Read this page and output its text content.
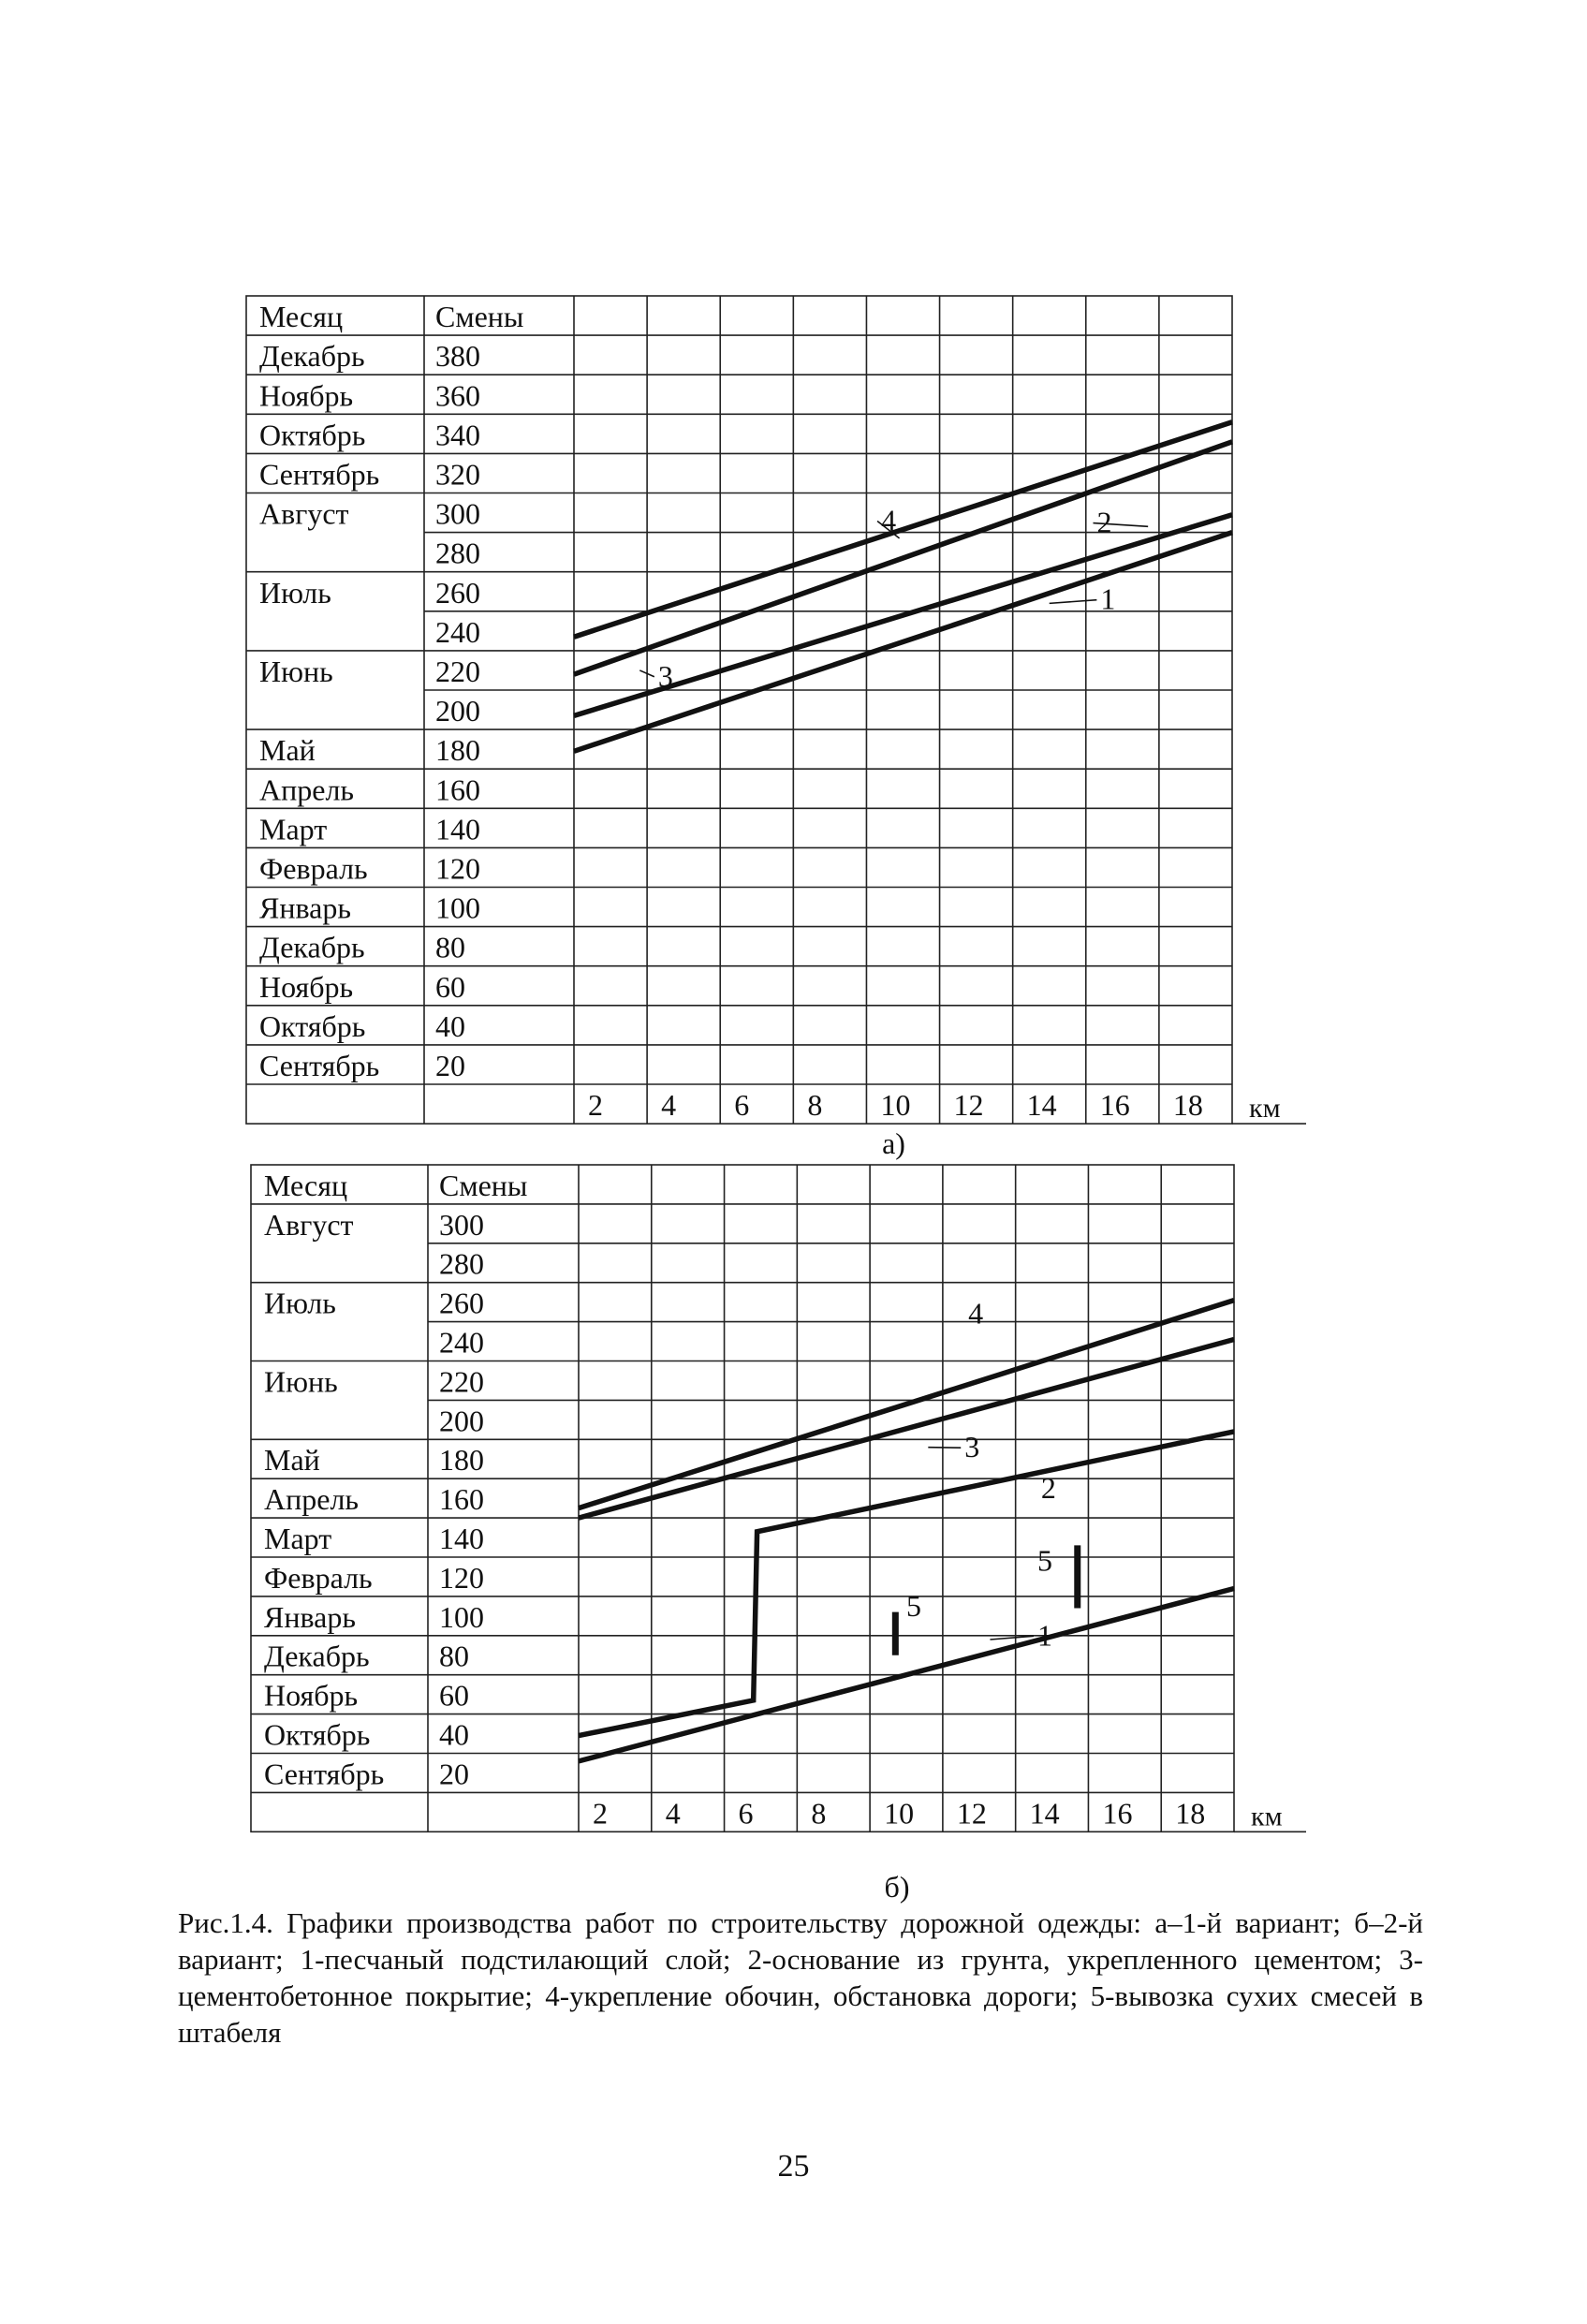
Месяц	Смены
Декабрь
Ноябрь
Октябрь
Сентябрь
Август
Июль
Июнь
Май
Апрель
Март
Февраль
Январь
Декабрь
Ноябрь
Октябрь
Сентябрь
380
360
340
320
300
280
260
240
220
200
180
160
140
120
100
80
60
40
20
2 4 6 8 10 12 14 16 18 км
а)
4
3
2
1
Месяц	Смены
Август
Июль
Июнь
Май
Апрель
Март
Февраль
Январь
Декабрь
Ноябрь
Октябрь
Сентябрь
300
280
260
240
220
200
180
160
140
120
100
80
60
40
20
2 4 6 8 10 12 14 16 18 км
б)
4
3
2
5
5
1
Рис.1.4. Графики производства работ по строительству дорожной одежды: а–1-й вариант; б–2-й вариант; 1-песчаный подстилающий слой; 2-основание из грунта, укрепленного цементом; 3-цементобетонное покрытие; 4-укрепление обочин, обстановка дороги; 5-вывозка сухих смесей в штабеля
25
